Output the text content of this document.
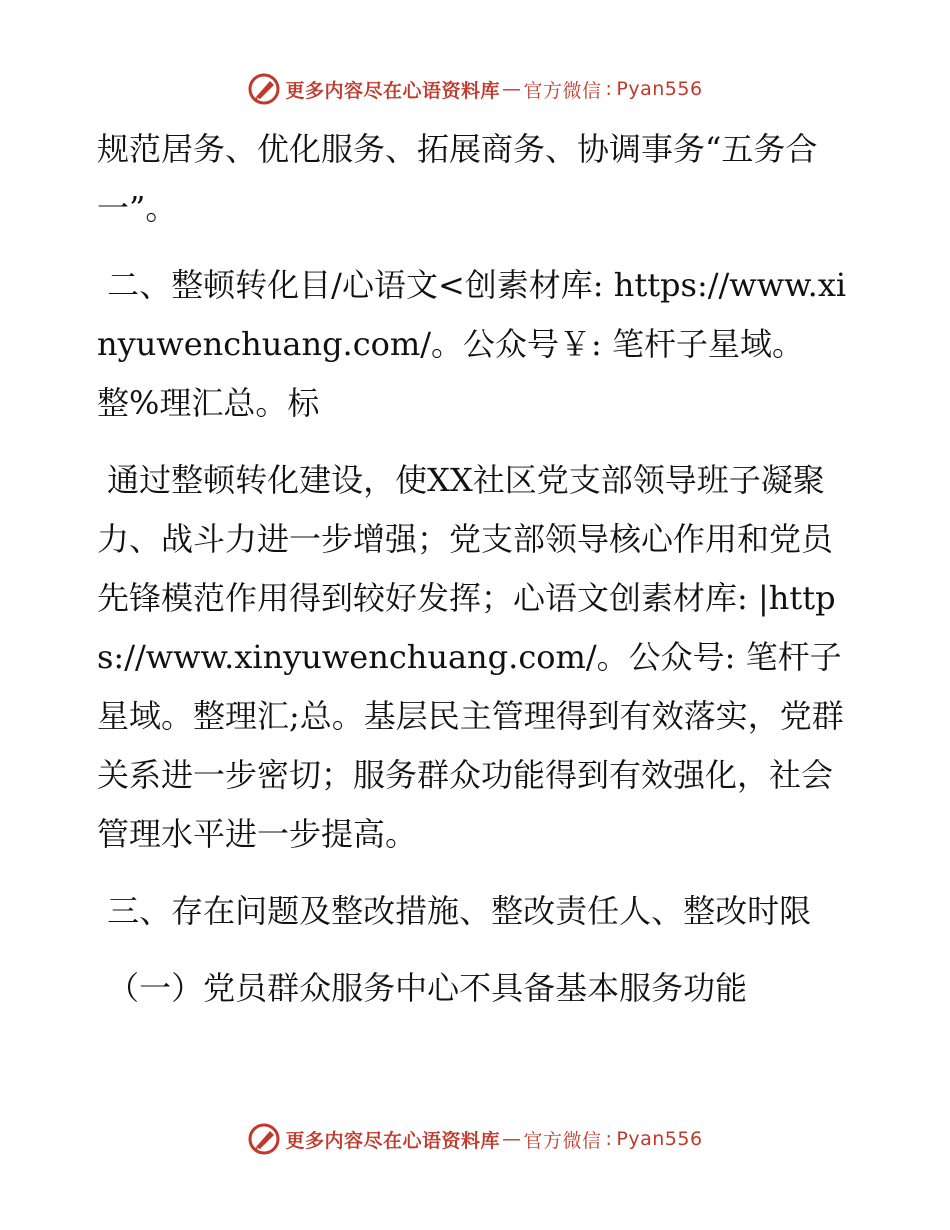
更多内容尽在心语资料库 — 官方微信 : Pyan556

规范居务、优化服务、拓展商务、协调事务“五务合一”。

二、整顿转化目/心语文<创素材库: https://www.xinyuwenchuang.com/。公众号￥: 笔杆子星域。整%理汇总。标

通过整顿转化建设，使XX社区党支部领导班子凝聚力、战斗力进一步增强；党支部领导核心作用和党员先锋模范作用得到较好发挥；心语文创素材库: |https://www.xinyuwenchuang.com/。公众号: 笔杆子星域。整理汇;总。基层民主管理得到有效落实，党群关系进一步密切；服务群众功能得到有效强化，社会管理水平进一步提高。

三、存在问题及整改措施、整改责任人、整改时限

（一）党员群众服务中心不具备基本服务功能

更多内容尽在心语资料库 — 官方微信 : Pyan556
